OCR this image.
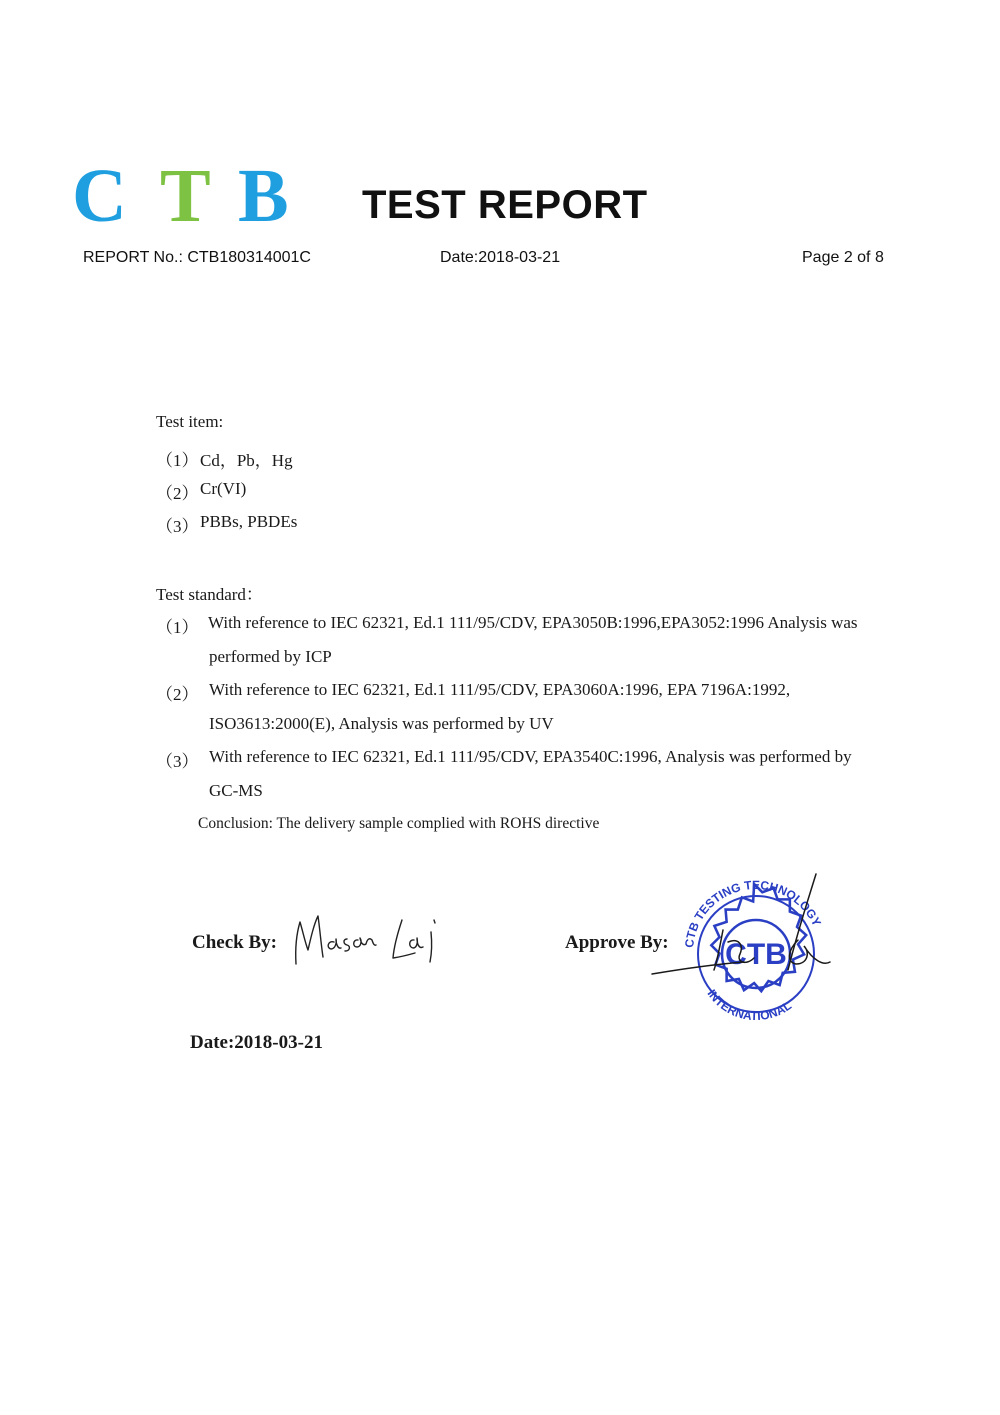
C T B TEST REPORT
REPORT No.: CTB180314001C	Date:2018-03-21	Page 2 of 8
Test item:
（1） Cd，Pb，Hg
（2） Cr(VI)
（3） PBBs, PBDEs
Test standard：
（1） With reference to IEC 62321, Ed.1 111/95/CDV, EPA3050B:1996,EPA3052:1996 Analysis was
performed by ICP
（2） With reference to IEC 62321, Ed.1 111/95/CDV, EPA3060A:1996, EPA 7196A:1992,
ISO3613:2000(E), Analysis was performed by UV
（3） With reference to IEC 62321, Ed.1 111/95/CDV, EPA3540C:1996, Analysis was performed by
GC-MS
Conclusion: The delivery sample complied with ROHS directive
Check By:	Approve By: CTB TESTING TECHNOLOGY
INTERNATIONAL
CTB
Date:2018-03-21
